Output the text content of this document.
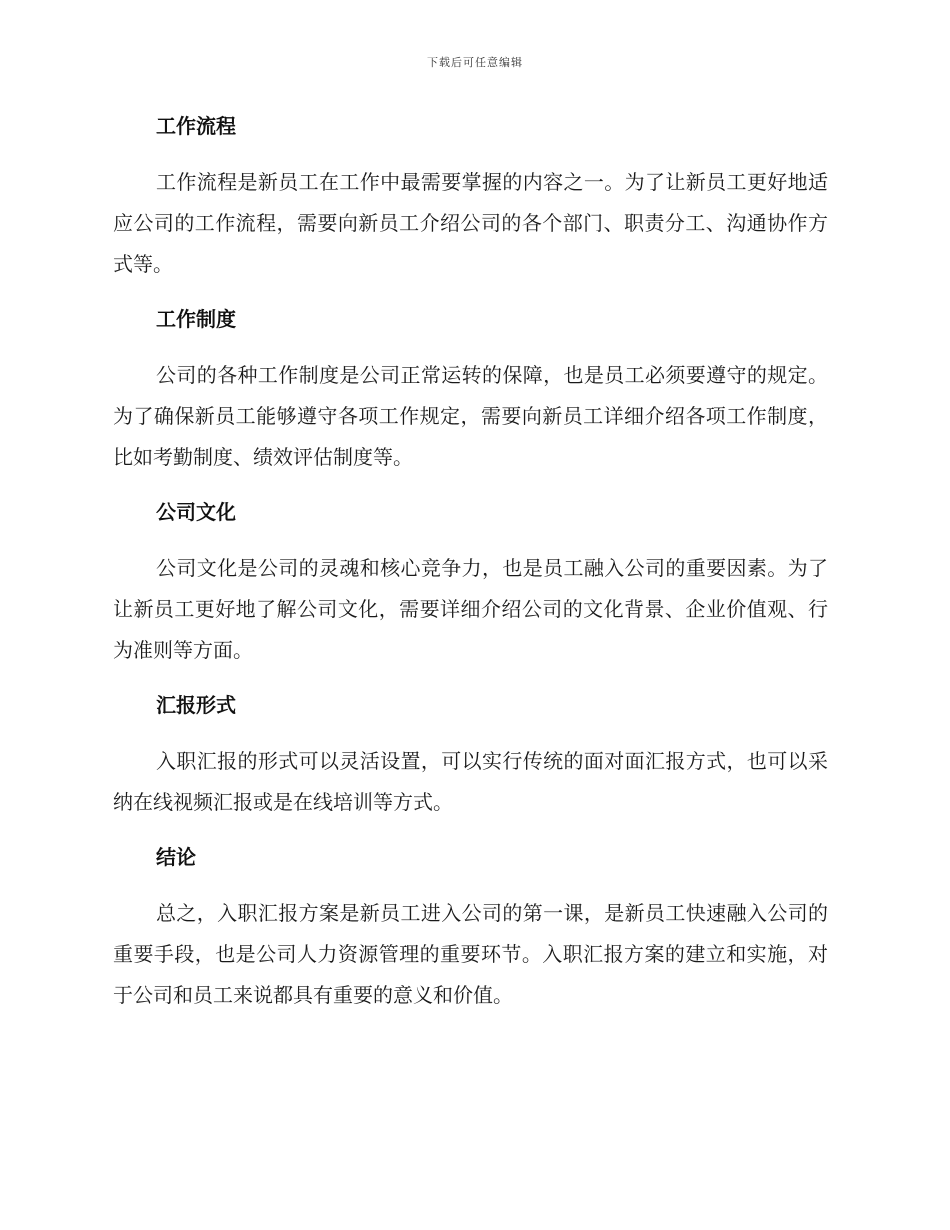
下载后可任意编辑
工作流程

工作流程是新员工在工作中最需要掌握的内容之一。为了让新员工更好地适应公司的工作流程，需要向新员工介绍公司的各个部门、职责分工、沟通协作方式等。

工作制度

公司的各种工作制度是公司正常运转的保障，也是员工必须要遵守的规定。为了确保新员工能够遵守各项工作规定，需要向新员工详细介绍各项工作制度，比如考勤制度、绩效评估制度等。

公司文化

公司文化是公司的灵魂和核心竞争力，也是员工融入公司的重要因素。为了让新员工更好地了解公司文化，需要详细介绍公司的文化背景、企业价值观、行为准则等方面。

汇报形式

入职汇报的形式可以灵活设置，可以实行传统的面对面汇报方式，也可以采纳在线视频汇报或是在线培训等方式。

结论

总之，入职汇报方案是新员工进入公司的第一课，是新员工快速融入公司的重要手段，也是公司人力资源管理的重要环节。入职汇报方案的建立和实施，对于公司和员工来说都具有重要的意义和价值。
